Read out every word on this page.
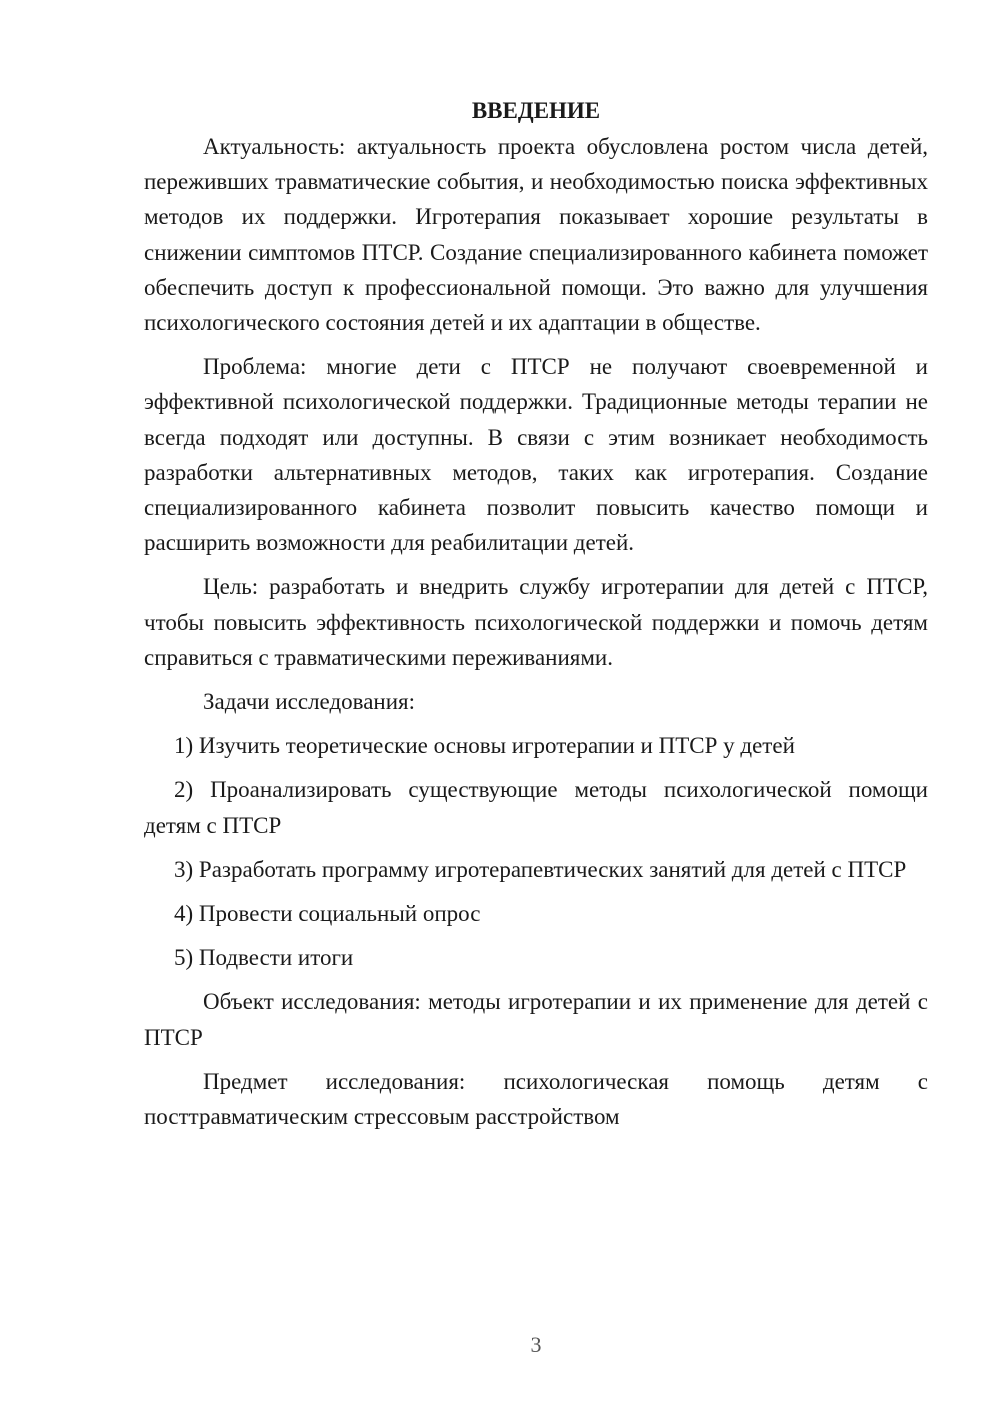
ВВЕДЕНИЕ

Актуальность: актуальность проекта обусловлена ростом числа детей, переживших травматические события, и необходимостью поиска эффективных методов их поддержки. Игротерапия показывает хорошие результаты в снижении симптомов ПТСР. Создание специализированного кабинета поможет обеспечить доступ к профессиональной помощи. Это важно для улучшения психологического состояния детей и их адаптации в обществе.

Проблема: многие дети с ПТСР не получают своевременной и эффективной психологической поддержки. Традиционные методы терапии не всегда подходят или доступны. В связи с этим возникает необходимость разработки альтернативных методов, таких как игротерапия. Создание специализированного кабинета позволит повысить качество помощи и расширить возможности для реабилитации детей.

Цель: разработать и внедрить службу игротерапии для детей с ПТСР, чтобы повысить эффективность психологической поддержки и помочь детям справиться с травматическими переживаниями.

Задачи исследования:

1) Изучить теоретические основы игротерапии и ПТСР у детей

2) Проанализировать существующие методы психологической помощи детям с ПТСР

3) Разработать программу игротерапевтических занятий для детей с ПТСР

4) Провести социальный опрос

5) Подвести итоги

Объект исследования: методы игротерапии и их применение для детей с ПТСР

Предмет исследования: психологическая помощь детям с посттравматическим стрессовым расстройством

3
